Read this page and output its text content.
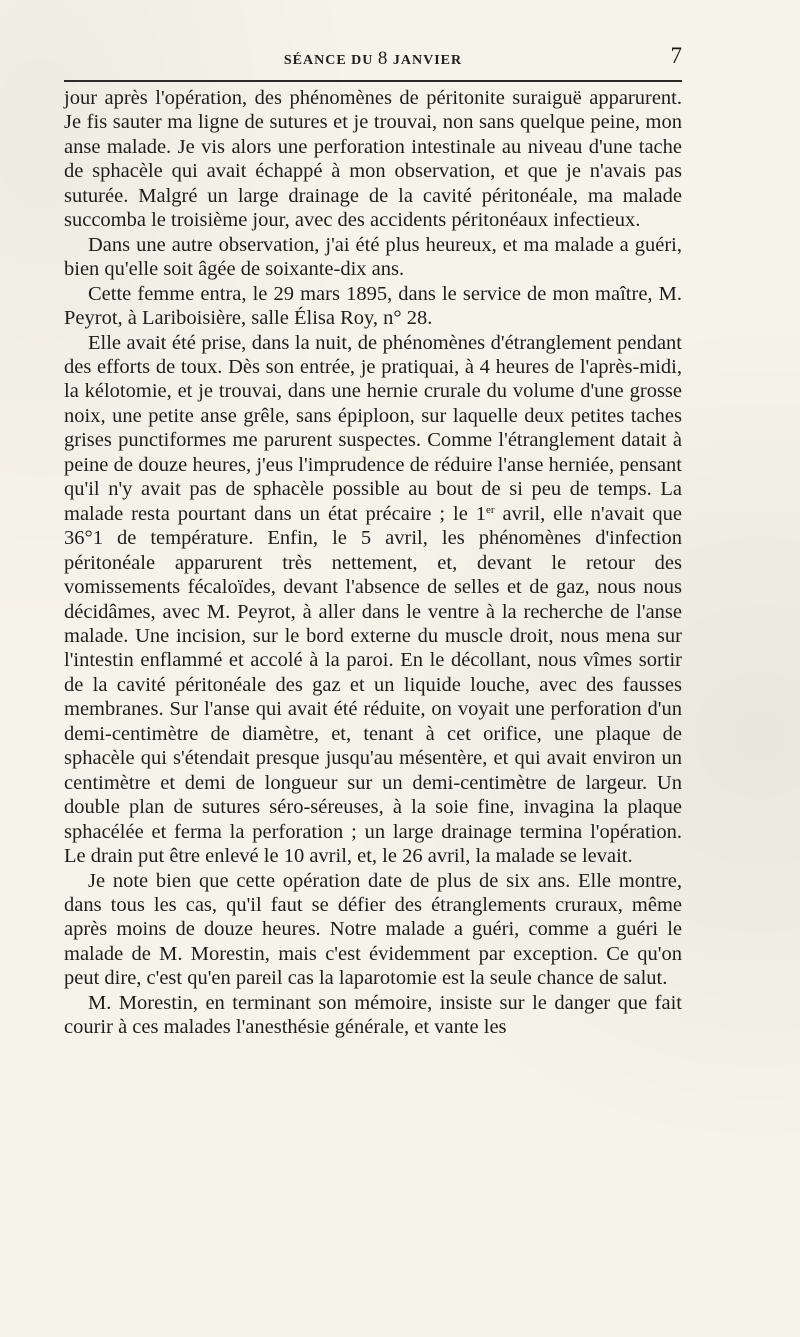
SÉANCE DU 8 JANVIER	7

jour après l'opération, des phénomènes de péritonite suraiguë apparurent. Je fis sauter ma ligne de sutures et je trouvai, non sans quelque peine, mon anse malade. Je vis alors une perforation intestinale au niveau d'une tache de sphacèle qui avait échappé à mon observation, et que je n'avais pas suturée. Malgré un large drainage de la cavité péritonéale, ma malade succomba le troisième jour, avec des accidents péritonéaux infectieux.

Dans une autre observation, j'ai été plus heureux, et ma malade a guéri, bien qu'elle soit âgée de soixante-dix ans.

Cette femme entra, le 29 mars 1895, dans le service de mon maître, M. Peyrot, à Lariboisière, salle Élisa Roy, n° 28.

Elle avait été prise, dans la nuit, de phénomènes d'étranglement pendant des efforts de toux. Dès son entrée, je pratiquai, à 4 heures de l'après-midi, la kélotomie, et je trouvai, dans une hernie crurale du volume d'une grosse noix, une petite anse grêle, sans épiploon, sur laquelle deux petites taches grises punctiformes me parurent suspectes. Comme l'étranglement datait à peine de douze heures, j'eus l'imprudence de réduire l'anse herniée, pensant qu'il n'y avait pas de sphacèle possible au bout de si peu de temps. La malade resta pourtant dans un état précaire ; le 1er avril, elle n'avait que 36°1 de température. Enfin, le 5 avril, les phénomènes d'infection péritonéale apparurent très nettement, et, devant le retour des vomissements fécaloïdes, devant l'absence de selles et de gaz, nous nous décidâmes, avec M. Peyrot, à aller dans le ventre à la recherche de l'anse malade. Une incision, sur le bord externe du muscle droit, nous mena sur l'intestin enflammé et accolé à la paroi. En le décollant, nous vîmes sortir de la cavité péritonéale des gaz et un liquide louche, avec des fausses membranes. Sur l'anse qui avait été réduite, on voyait une perforation d'un demi-centimètre de diamètre, et, tenant à cet orifice, une plaque de sphacèle qui s'étendait presque jusqu'au mésentère, et qui avait environ un centimètre et demi de longueur sur un demi-centimètre de largeur. Un double plan de sutures séro-séreuses, à la soie fine, invagina la plaque sphacélée et ferma la perforation ; un large drainage termina l'opération. Le drain put être enlevé le 10 avril, et, le 26 avril, la malade se levait.

Je note bien que cette opération date de plus de six ans. Elle montre, dans tous les cas, qu'il faut se défier des étranglements cruraux, même après moins de douze heures. Notre malade a guéri, comme a guéri le malade de M. Morestin, mais c'est évidemment par exception. Ce qu'on peut dire, c'est qu'en pareil cas la laparotomie est la seule chance de salut.

M. Morestin, en terminant son mémoire, insiste sur le danger que fait courir à ces malades l'anesthésie générale, et vante les
